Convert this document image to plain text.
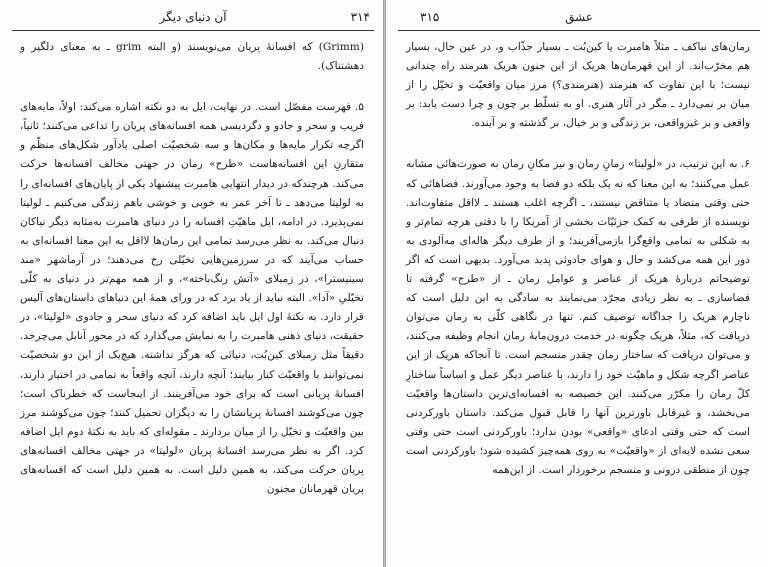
۳۱۴
آن دنیای دیگر

(Grimm) که افسانهٔ پریان می‌نویسند (و البته grim ـ به معنای دلگیر و دهشتناک).

۵. فهرست مفصّل است. در نهایت، ایل به دو نکته اشاره می‌کند: اولاً، مایه‌های فریب و سحر و جادو و دگردیسی همه افسانه‌های پریان را تداعی می‌کنند؛ ثانیاً، اگرچه تکرار مایه‌ها و مکان‌ها و سه شخصیّت اصلی یادآور شکل‌های منظّم و متقارنِ این افسانه‌هاست «طرح» رمان در جهتی مخالف افسانه‌ها حرکت می‌کند. هرچندکه در دیدار انتهایی هامبرت پیشنهاد یکی از پایان‌های افسانه‌ای را به لولیتا می‌دهد ـ تا آخر عمر به خوبی و خوشی باهم زندگی می‌کنیم ـ لولیتا نمی‌پذیرد. در ادامه، ایل ماهیّتِ افسانه را در دنیای هامبرت به‌مثابه دیگر نیاکان دنبال می‌کند. به نظر می‌رسد تمامی این رمان‌ها لااقل به این معنا افسانه‌ای به حساب می‌آیند که در سرزمین‌هایی تخیّلی رخ می‌دهند؛ در آرماشهر «مند سینیسترا»، در زمبلای «آتش رنگ‌باخته»، و از همه مهم‌تر در دنیای به کلّی تخیّلیِ «آدا». البته نباید از یاد برد که در ورای همهٔ این دنیاهای داستان‌های آلیس قرار دارد. به نکتهٔ اول ایل باید اضافه کرد که دنیای سحر و جادوی «لولیتا»، در حقیقت، دنیای ذهنی هامبرت را به نمایش می‌گذارد که در محور آنابل می‌چرخد. دقیقاً مثل زمبلای کین‌بُت، دنیائی که هرگز نداشته. هیچ‌یک از این دو شخصیّت نمی‌توانند با واقعیّت کنار بیایند؛ آنچه دارند، آنچه واقعاً به تمامی در اختیار دارند، افسانهٔ پریانی است که برای خود می‌آفرینند. از اینجاست که خطرناک است؛ چون می‌کوشند افسانهٔ پریانشان را به دیگران تحمیل کنند؛ چون می‌کوشند مرز بین واقعیّت و تخیّل را از میان بردارند ـ مقوله‌ای که باید به نکتهٔ دوم ایل اضافه کرد. اگر به نظر می‌رسد افسانهٔ پریان «لولیتا» در جهتی مخالف افسانه‌های پریان حرکت می‌کند، به همین دلیل است. به همین دلیل است که افسانه‌های پریان قهرمانان مجنون

۳۱۵	عشق

رمان‌های نباکف ـ مثلاً هامبرت یا کین‌بُت ـ بسیار جذّاب و، در عین حال، بسیار هم مخرّب‌اند. از این قهرمان‌ها هریک از این جنون هریک هنرمند راه چندانی نیست؛ با این تفاوت که هنرمند (هنرمندی؟) مرز میان واقعیّت و تخیّل را از میان بر نمی‌دارد ـ مگر در آثار هنری. او به تسلّط بر چون و چرا دست یابد: بر واقعی و بر غیرواقعی، بر زندگی و بر خیال، بر گذشته و بر آینده.

۶. به این ترتیب، در «لولیتا» زمانِ رمان و نیز مکانِ رمان به صورت‌هائی مشابه عمل می‌کنند؛ به این معنا که نه یک بلکه دو فضا به وجود می‌آورند. فضاهائی که حتی وقتی متضاد یا متناقض نیستند، ـ اگرچه اغلب هستند ـ لااقل متفاوت‌اند. نویسنده از طرفی به کمک جزئیّات بخشی از آمریکا را با دقتی هرچه تمام‌تر و به شکلی به تمامی واقع‌گرا بازمی‌آفریند؛ و از طرف دیگر هاله‌ای مه‌آلودی به دور این همه می‌کشد و حال و هوای جادوئی پدید می‌آورد. بدیهی است که اگر توضیحاتم دربارهٔ هریک از عناصر و عوامل رمان ـ از «طرح» گرفته تا فضاسازی ـ به نظر زیادی مجرّد می‌نمایند به سادگی به این دلیل است که ناچارم هریک را جداگانه توصیف کنم. تنها در نگاهی کلّی به رمان می‌توان دریافت که، مثلاً، هریک چگونه در خدمت درون‌مایهٔ رمان انجام وظیفه می‌کنند، و می‌توان دریافت که ساختار رمان چقدر منسجم است. تا آنجاکه هریک از این عناصر اگرچه شکل و ماهیّت خود را دارند، با عناصر دیگر عمل و اساساً ساختارِ کلّ رمان را مکرّر می‌کنند. این خصیصه به افسانه‌ای‌ترین داستان‌ها واقعیّت می‌بخشد، و غیرقابل باورترین آنها را قابل قبول می‌کند. داستان باورکردنی است که حتی وقتی ادعای «واقعی» بودن ندارد؛ باورکردنی است حتی وقتی سعی نشده لایه‌ای از «واقعیّت» به روی همه‌چیز کشیده شود؛ باورکردنی است چون از منطقی درونی و منسجم برخوردار است. از این‌همه
